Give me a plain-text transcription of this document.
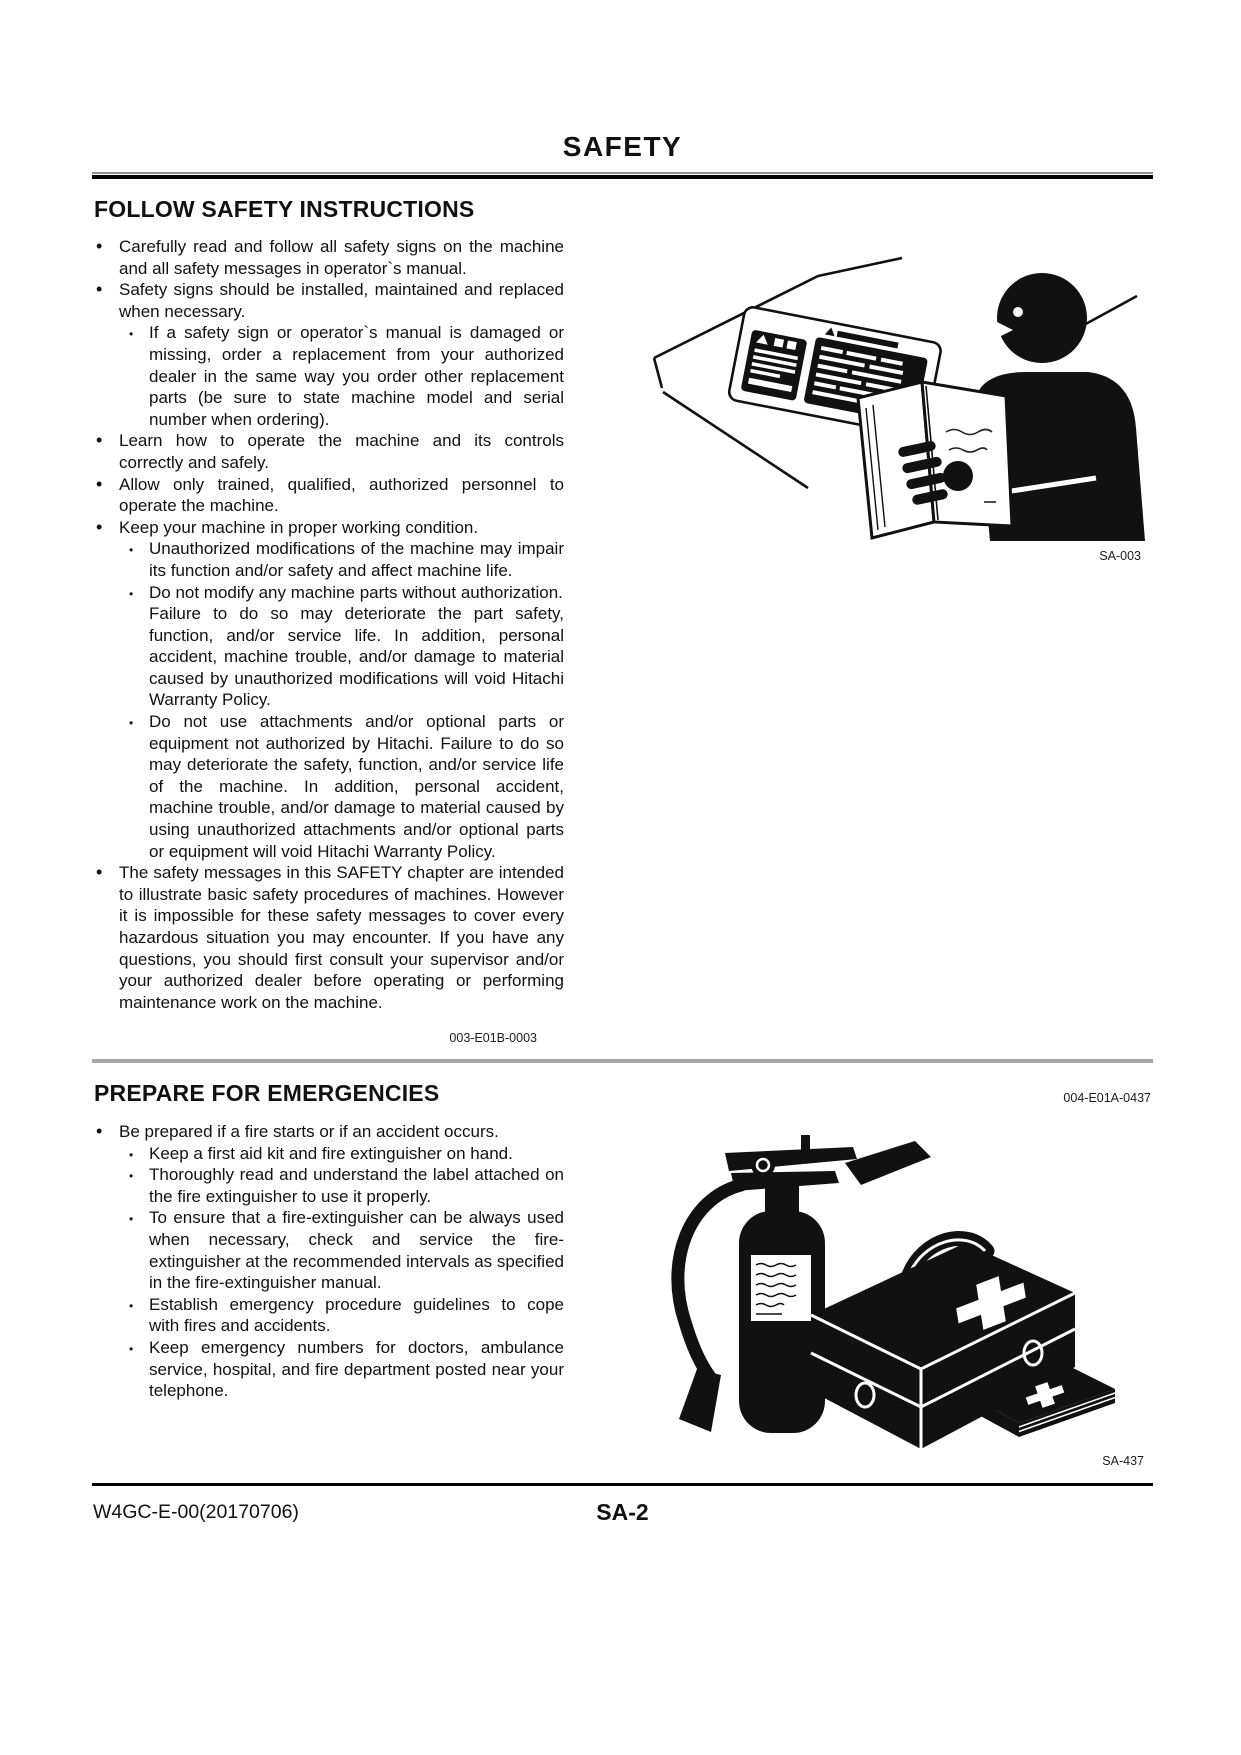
SAFETY
FOLLOW SAFETY INSTRUCTIONS

• Carefully read and follow all safety signs on the machine and all safety messages in operator`s manual.

• Safety signs should be installed, maintained and replaced when necessary.

• If a safety sign or operator`s manual is damaged or missing, order a replacement from your authorized dealer in the same way you order other replacement parts (be sure to state machine model and serial number when ordering).

• Learn how to operate the machine and its controls correctly and safely.

• Allow only trained, qualified, authorized personnel to operate the machine.

• Keep your machine in proper working condition.

• Unauthorized modifications of the machine may impair its function and/or safety and affect machine life.

• Do not modify any machine parts without authorization.

Failure to do so may deteriorate the part safety, function, and/or service life. In addition, personal accident, machine trouble, and/or damage to material caused by unauthorized modifications will void Hitachi Warranty Policy.

• Do not use attachments and/or optional parts or equipment not authorized by Hitachi. Failure to do so may deteriorate the safety, function, and/or service life of the machine. In addition, personal accident, machine trouble, and/or damage to material caused by using unauthorized attachments and/or optional parts or equipment will void Hitachi Warranty Policy.

• The safety messages in this SAFETY chapter are intended to illustrate basic safety procedures of machines. However it is impossible for these safety messages to cover every hazardous situation you may encounter. If you have any questions, you should first consult your supervisor and/or your authorized dealer before operating or performing maintenance work on the machine.

003-E01B-0003
SA-003
PREPARE FOR EMERGENCIES	004-E01A-0437

• Be prepared if a fire starts or if an accident occurs.

• Keep a first aid kit and fire extinguisher on hand.

• Thoroughly read and understand the label attached on the fire extinguisher to use it properly.

• To ensure that a fire-extinguisher can be always used when necessary, check and service the fire-extinguisher at the recommended intervals as specified in the fire-extinguisher manual.

• Establish emergency procedure guidelines to cope with fires and accidents.

• Keep emergency numbers for doctors, ambulance service, hospital, and fire department posted near your telephone.

SA-437
W4GC-E-00(20170706)	SA-2
